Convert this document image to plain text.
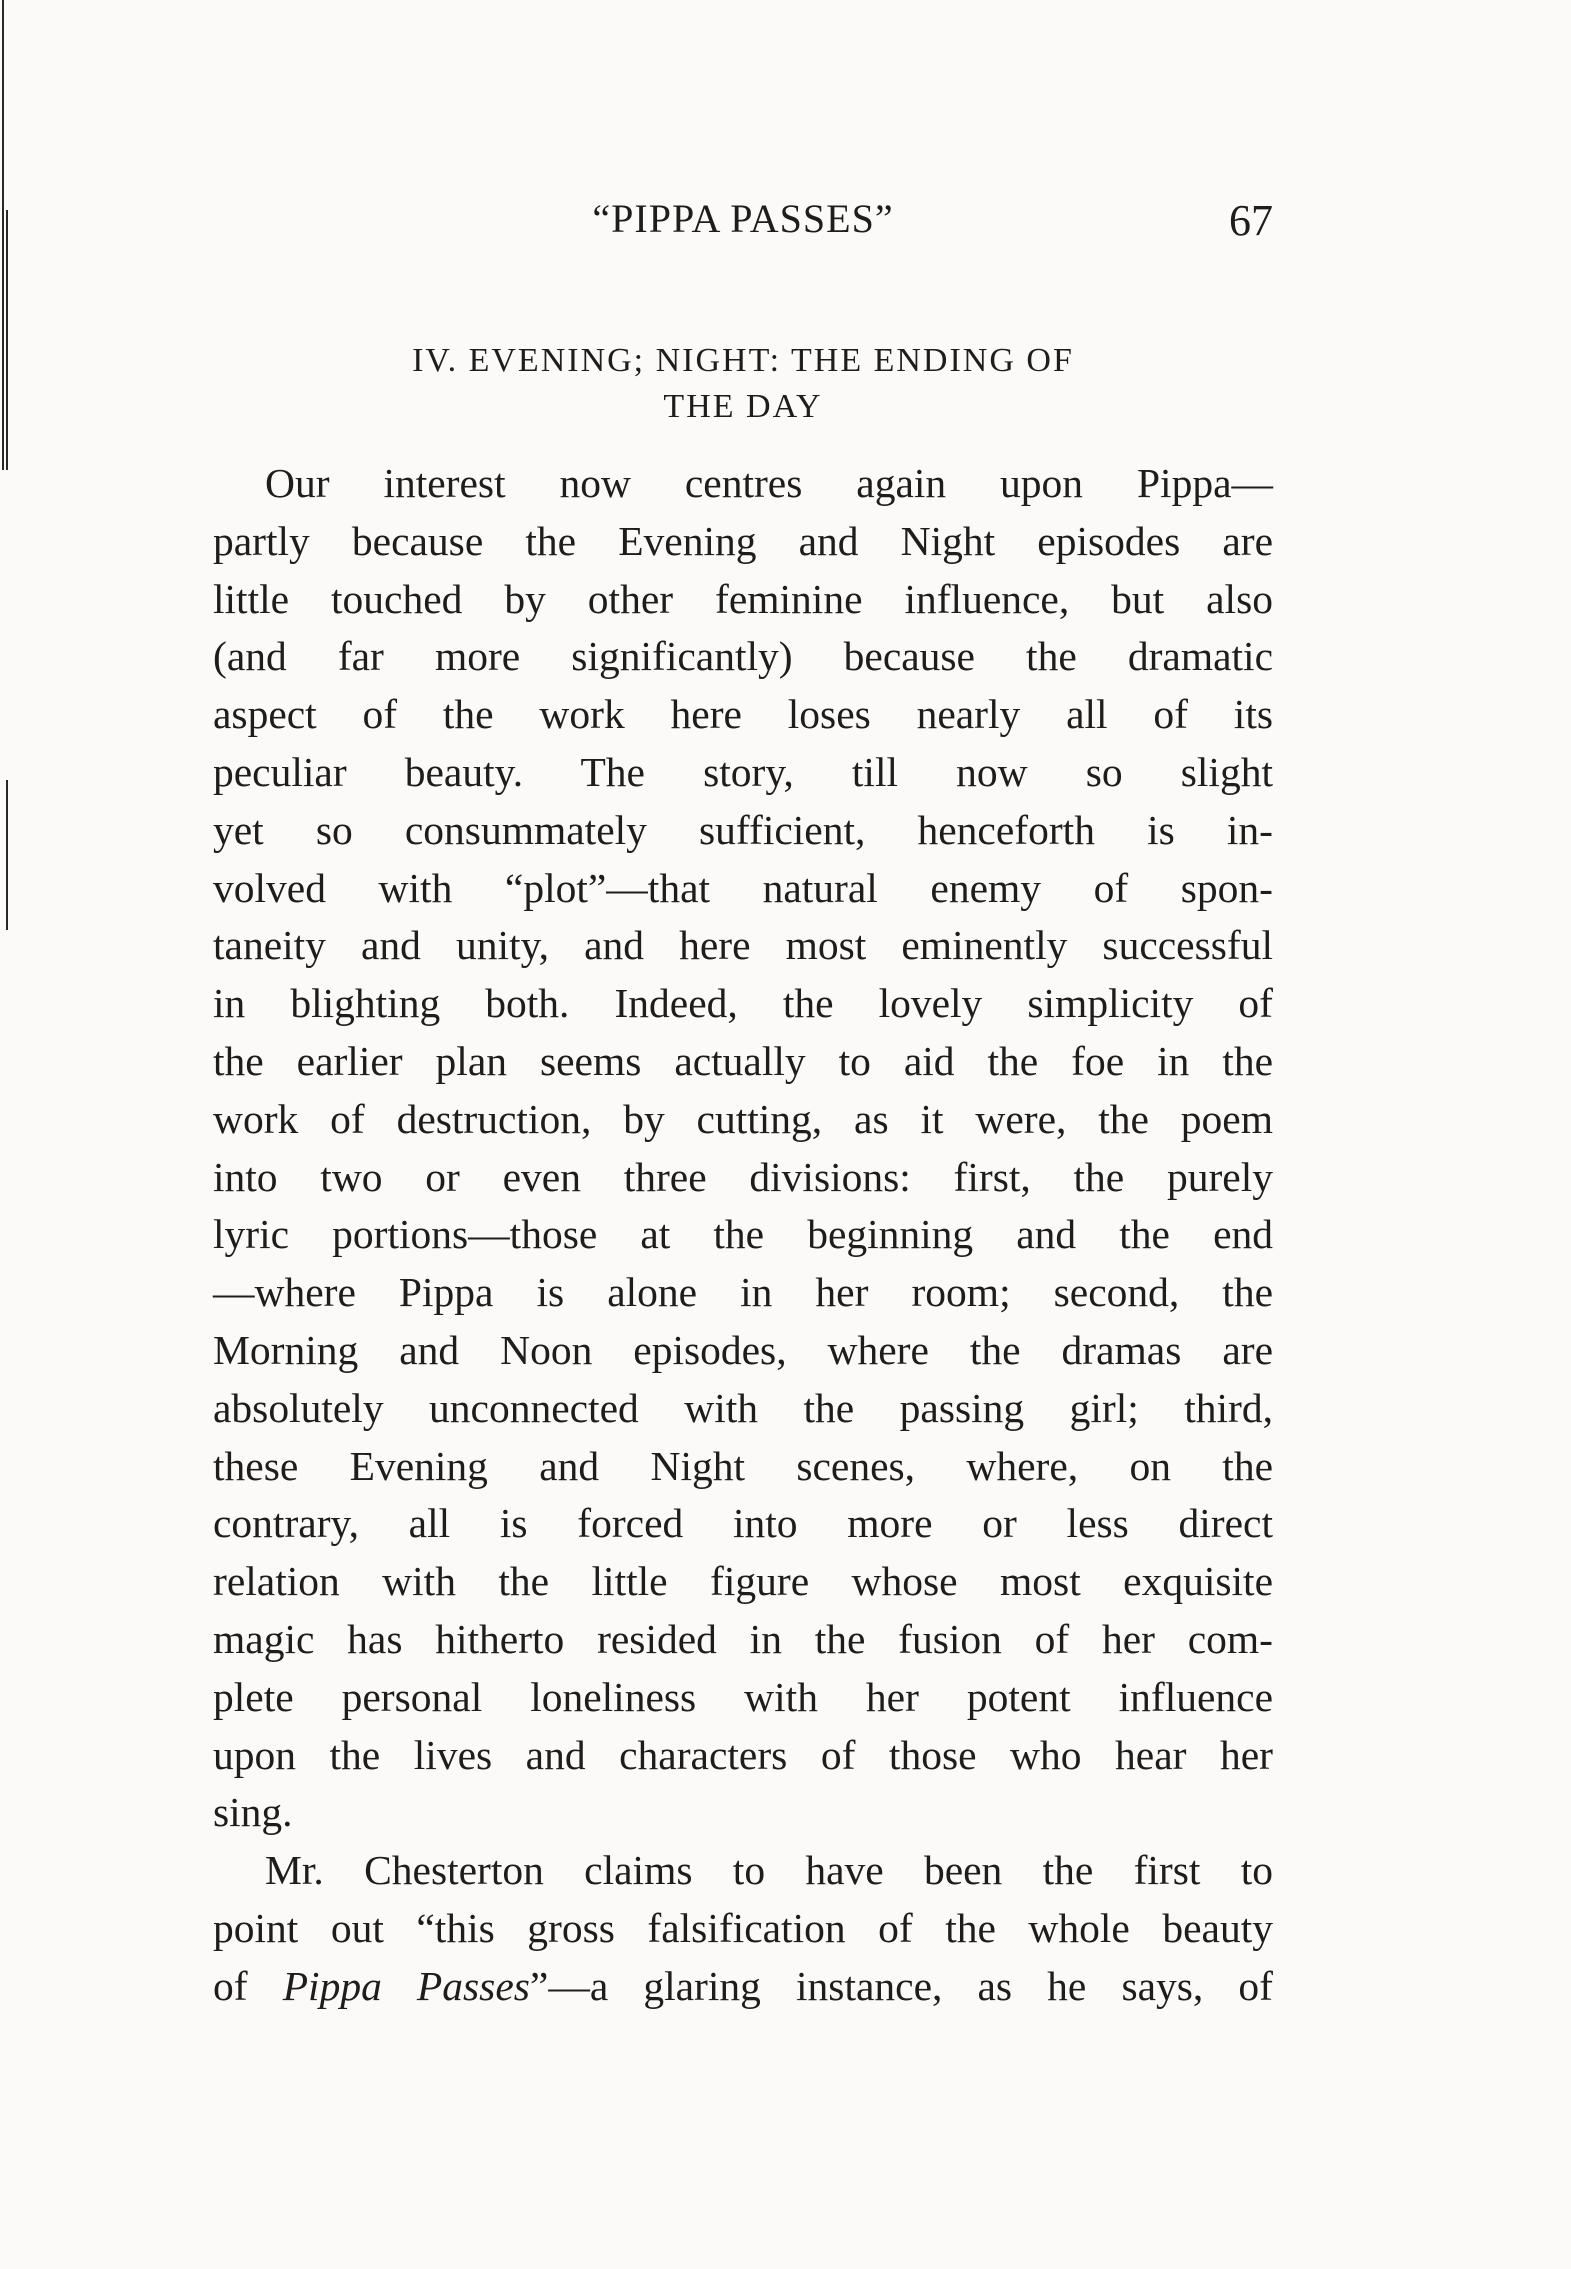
“PIPPA PASSES”	67
IV. EVENING; NIGHT: THE ENDING OF
THE DAY

Our interest now centres again upon Pippa—
partly because the Evening and Night episodes are
little touched by other feminine influence, but also
(and far more significantly) because the dramatic
aspect of the work here loses nearly all of its
peculiar beauty. The story, till now so slight
yet so consummately sufficient, henceforth is in-
volved with “plot”—that natural enemy of spon-
taneity and unity, and here most eminently successful
in blighting both. Indeed, the lovely simplicity of
the earlier plan seems actually to aid the foe in the
work of destruction, by cutting, as it were, the poem
into two or even three divisions: first, the purely
lyric portions—those at the beginning and the end
—where Pippa is alone in her room; second, the
Morning and Noon episodes, where the dramas are
absolutely unconnected with the passing girl; third,
these Evening and Night scenes, where, on the
contrary, all is forced into more or less direct
relation with the little figure whose most exquisite
magic has hitherto resided in the fusion of her com-
plete personal loneliness with her potent influence
upon the lives and characters of those who hear her
sing.

Mr. Chesterton claims to have been the first to
point out “this gross falsification of the whole beauty
of Pippa Passes”—a glaring instance, as he says, of
